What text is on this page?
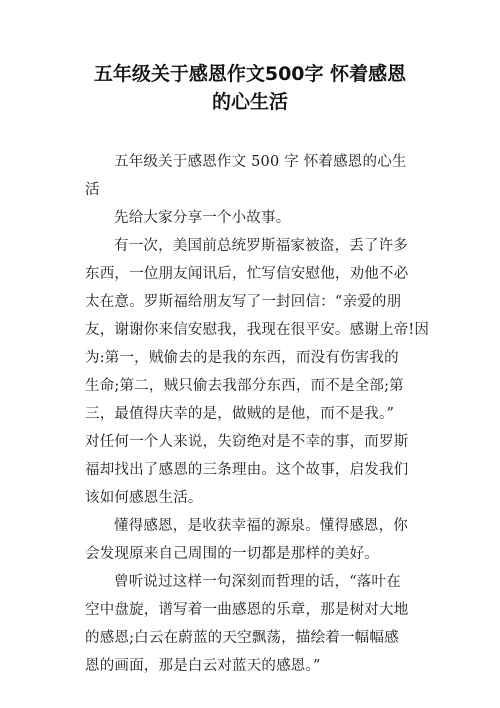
五年级关于感恩作文500字 怀着感恩
的心生活
五年级关于感恩作文 500 字 怀着感恩的心生
活
先给大家分享一个小故事。
有一次，美国前总统罗斯福家被盗，丢了许多
东西，一位朋友闻讯后，忙写信安慰他，劝他不必
太在意。罗斯福给朋友写了一封回信：“亲爱的朋
友，谢谢你来信安慰我，我现在很平安。感谢上帝!因
为:第一，贼偷去的是我的东西，而没有伤害我的
生命;第二，贼只偷去我部分东西，而不是全部;第
三，最值得庆幸的是，做贼的是他，而不是我。”
对任何一个人来说，失窃绝对是不幸的事，而罗斯
福却找出了感恩的三条理由。这个故事，启发我们
该如何感恩生活。
懂得感恩，是收获幸福的源泉。懂得感恩，你
会发现原来自己周围的一切都是那样的美好。
曾听说过这样一句深刻而哲理的话，“落叶在
空中盘旋，谱写着一曲感恩的乐章，那是树对大地
的感恩;白云在蔚蓝的天空飘荡，描绘着一幅幅感
恩的画面，那是白云对蓝天的感恩。”
